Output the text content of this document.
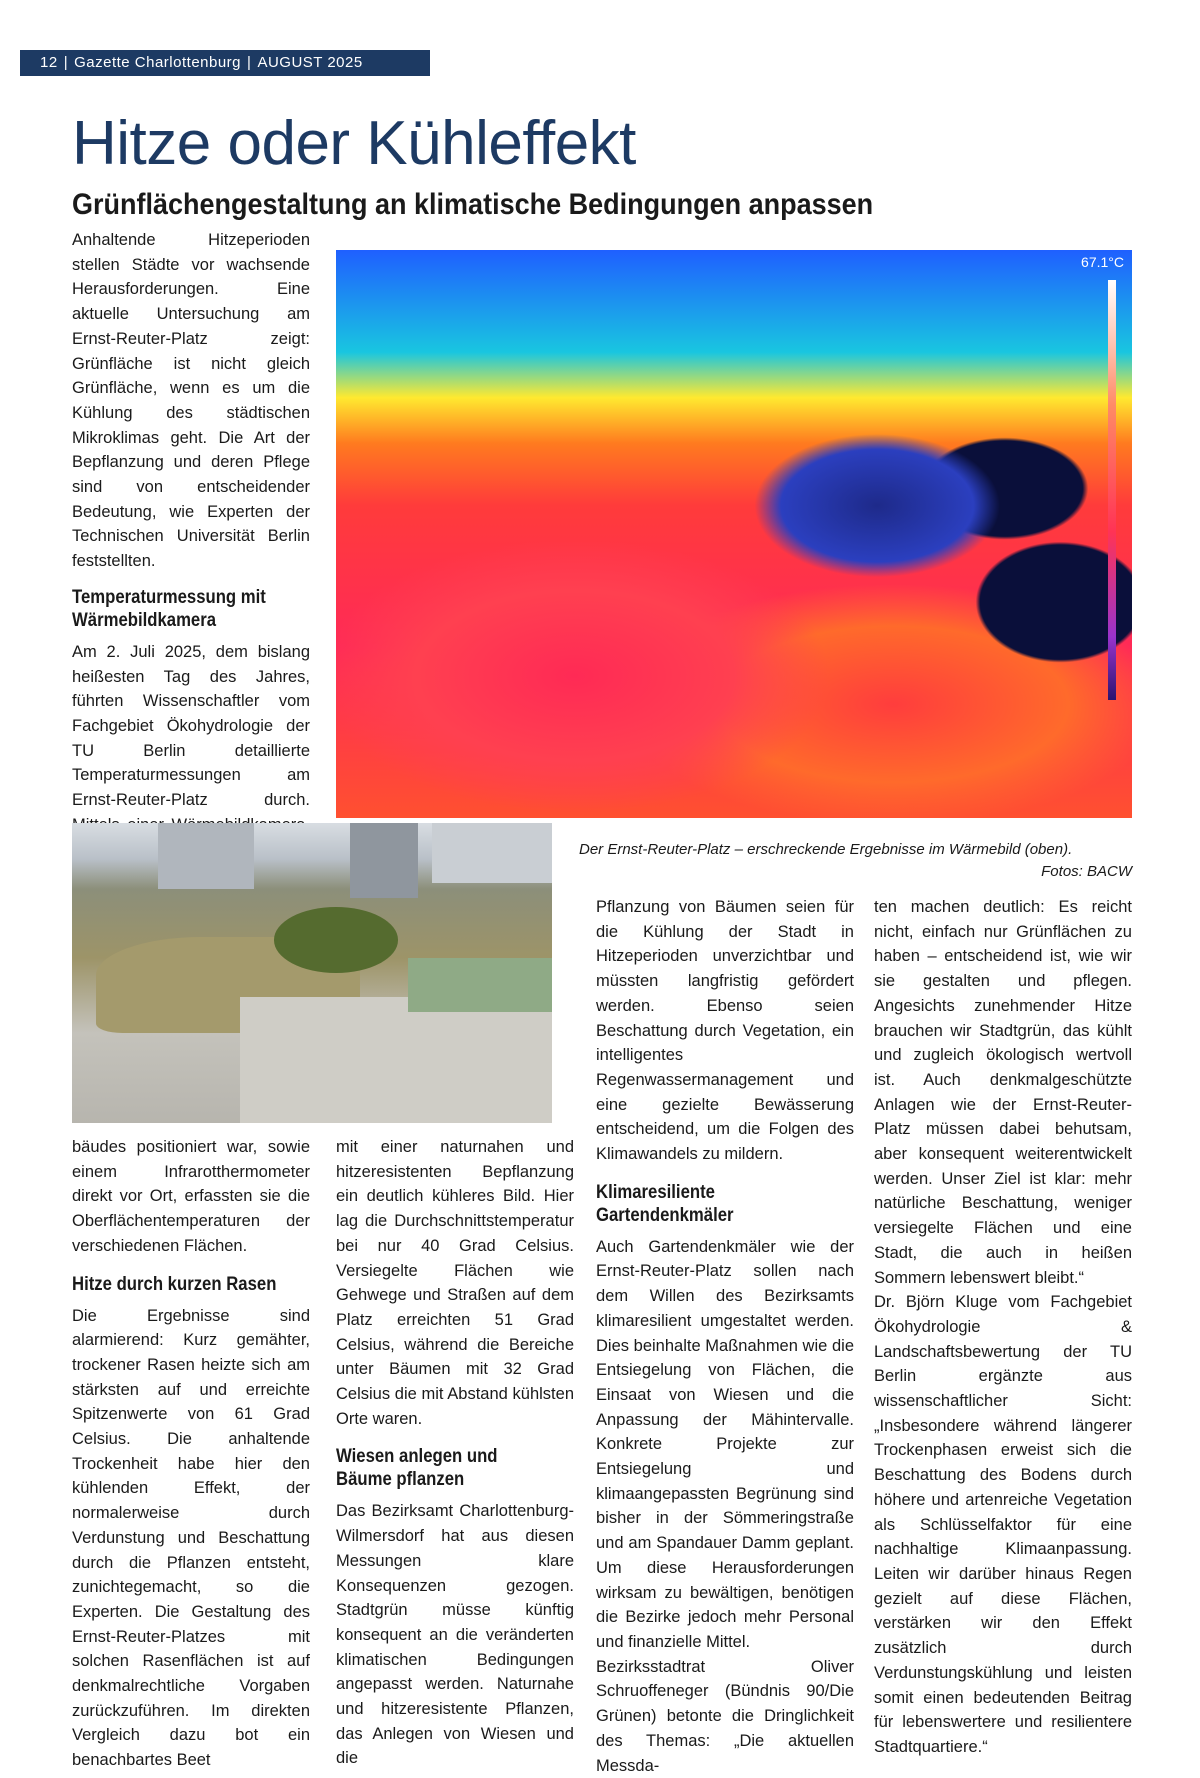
12 | Gazette Charlottenburg | AUGUST 2025
Hitze oder Kühleffekt
Grünflächengestaltung an klimatische Bedingungen anpassen

Anhaltende Hitzeperioden stellen Städte vor wachsende Herausforderungen. Eine aktuelle Untersuchung am Ernst-Reuter-Platz zeigt: Grünfläche ist nicht gleich Grünfläche, wenn es um die Kühlung des städtischen Mikroklimas geht. Die Art der Bepflanzung und deren Pflege sind von entscheidender Bedeutung, wie Experten der Technischen Universität Berlin feststellten.

Temperaturmessung mit Wärmebildkamera

Am 2. Juli 2025, dem bislang heißesten Tag des Jahres, führten Wissenschaftler vom Fachgebiet Ökohydrologie der TU Berlin detaillierte Temperaturmessungen am Ernst-Reuter-Platz durch.

67.1°C
Der Ernst-Reuter-Platz – erschreckende Ergebnisse im Wärmebild (oben).
Fotos: BACW

bäudes positioniert war, sowie einem Infrarotthermometer direkt vor Ort, erfassten sie die Oberflächentemperaturen der verschiedenen Flächen.

Hitze durch kurzen Rasen

Die Ergebnisse sind alarmierend: Kurz gemähter, trockener Rasen heizte sich am stärksten auf und erreichte Spitzenwerte von 61 Grad Celsius. Die anhaltende Trockenheit habe hier den kühlenden Effekt, der normalerweise durch Verdunstung und Beschattung durch die Pflanzen entsteht, zunichtegemacht, so die Experten. Die Gestaltung des Ernst-Reuter-Platzes mit solchen Rasenflächen ist auf denkmalrechtliche Vorgaben zurückzuführen. Im direkten Vergleich dazu bot ein benachbartes Beet

mit einer naturnahen und hitzeresistenten Bepflanzung ein deutlich kühleres Bild. Hier lag die Durchschnittstemperatur bei nur 40 Grad Celsius. Versiegelte Flächen wie Gehwege und Straßen auf dem Platz erreichten 51 Grad Celsius, während die Bereiche unter Bäumen mit 32 Grad Celsius die mit Abstand kühlsten Orte waren.

Wiesen anlegen und Bäume pflanzen

Das Bezirksamt Charlottenburg-Wilmersdorf hat aus diesen Messungen klare Konsequenzen gezogen. Stadtgrün müsse künftig konsequent an die veränderten klimatischen Bedingungen angepasst werden. Naturnahe und hitzeresistente Pflanzen, das Anlegen von Wiesen und die

Pflanzung von Bäumen seien für die Kühlung der Stadt in Hitzeperioden unverzichtbar und müssten langfristig gefördert werden. Ebenso seien Beschattung durch Vegetation, ein intelligentes Regenwassermanagement und eine gezielte Bewässerung entscheidend, um die Folgen des Klimawandels zu mildern.

Klimaresiliente Gartendenkmäler

Auch Gartendenkmäler wie der Ernst-Reuter-Platz sollen nach dem Willen des Bezirksamts klimaresilient umgestaltet werden. Dies beinhalte Maßnahmen wie die Entsiegelung von Flächen, die Einsaat von Wiesen und die Anpassung der Mähintervalle. Konkrete Projekte zur Entsiegelung und klimaangepassten Begrünung sind bisher in der Sömmeringstraße und am Spandauer Damm geplant. Um diese Herausforderungen wirksam zu bewältigen, benötigen die Bezirke jedoch mehr Personal und finanzielle Mittel.

Bezirksstadtrat Oliver Schruoffeneger (Bündnis 90/Die Grünen) betonte die Dringlichkeit des Themas: „Die aktuellen Messda-

ten machen deutlich: Es reicht nicht, einfach nur Grünflächen zu haben – entscheidend ist, wie wir sie gestalten und pflegen. Angesichts zunehmender Hitze brauchen wir Stadtgrün, das kühlt und zugleich ökologisch wertvoll ist. Auch denkmalgeschützte Anlagen wie der Ernst-Reuter-Platz müssen dabei behutsam, aber konsequent weiterentwickelt werden. Unser Ziel ist klar: mehr natürliche Beschattung, weniger versiegelte Flächen und eine Stadt, die auch in heißen Sommern lebenswert bleibt.“

Dr. Björn Kluge vom Fachgebiet Ökohydrologie & Landschaftsbewertung der TU Berlin ergänzte aus wissenschaftlicher Sicht: „Insbesondere während längerer Trockenphasen erweist sich die Beschattung des Bodens durch höhere und artenreiche Vegetation als Schlüsselfaktor für eine nachhaltige Klimaanpassung. Leiten wir darüber hinaus Regen gezielt auf diese Flächen, verstärken wir den Effekt zusätzlich durch Verdunstungskühlung und leisten somit einen bedeutenden Beitrag für lebenswertere und resilientere Stadtquartiere.“
